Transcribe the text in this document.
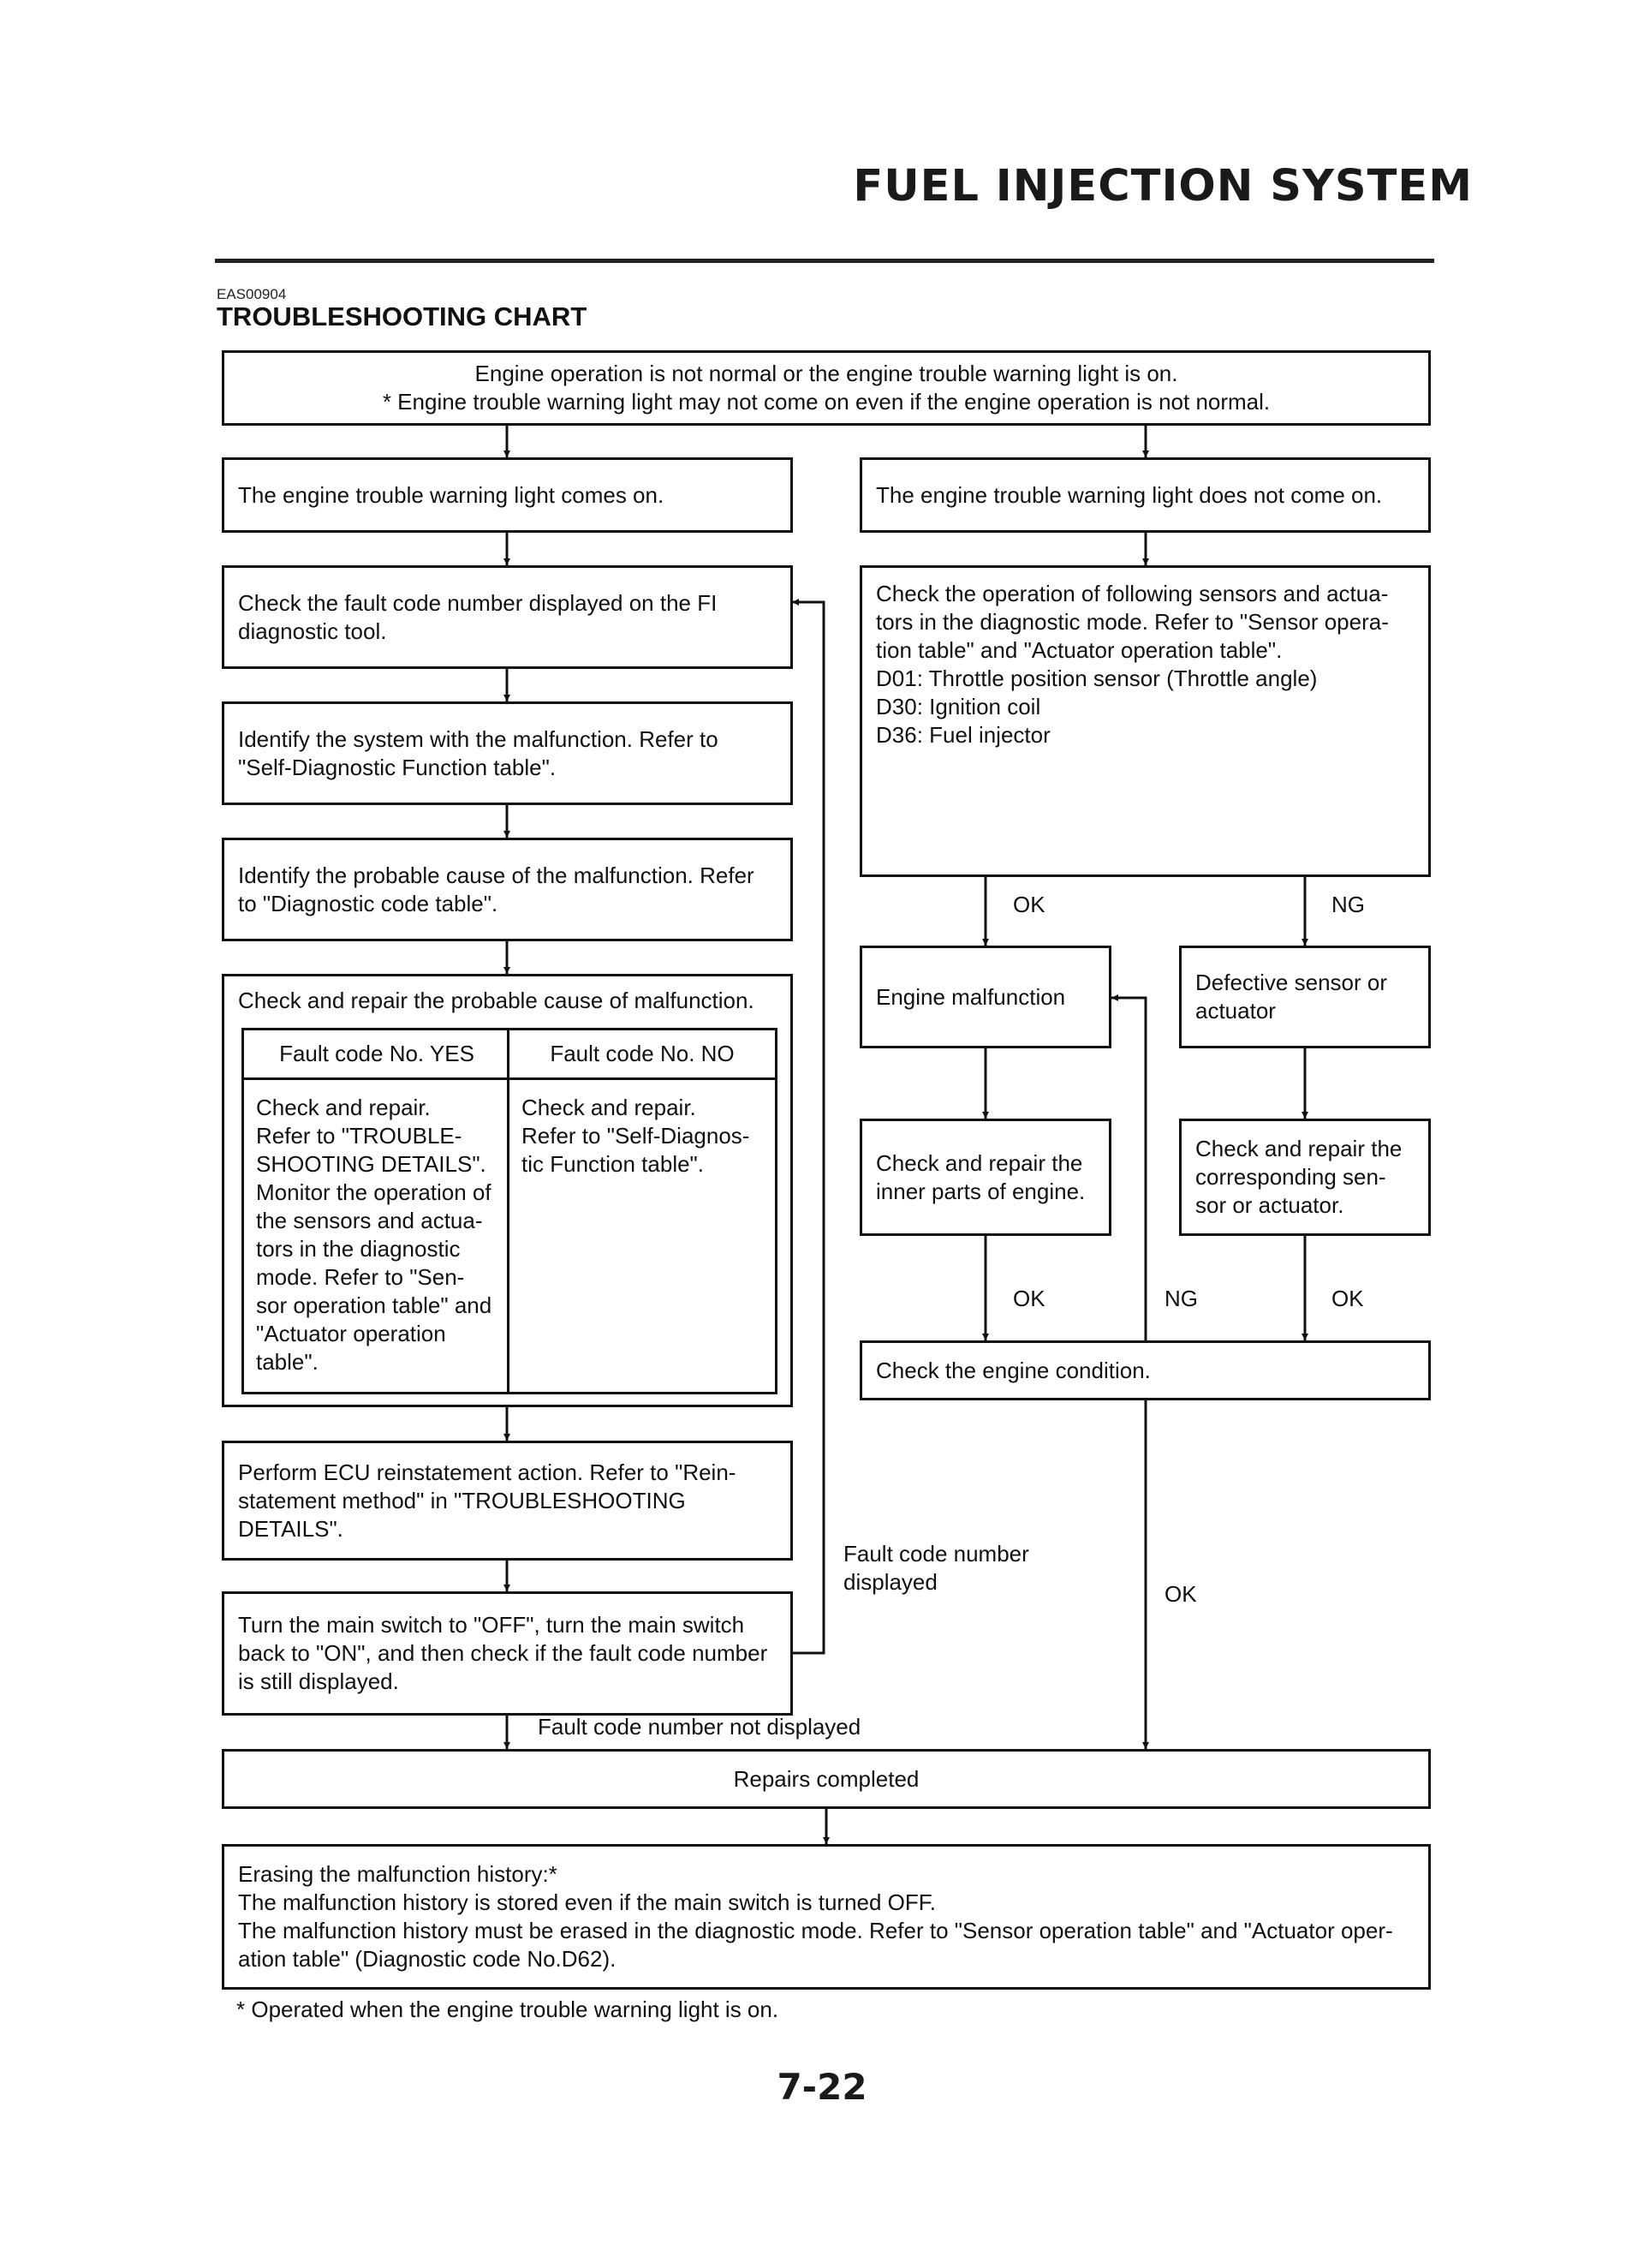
FUEL INJECTION SYSTEM
EAS00904
TROUBLESHOOTING CHART
Engine operation is not normal or the engine trouble warning light is on.
* Engine trouble warning light may not come on even if the engine operation is not normal.
The engine trouble warning light comes on.
Check the fault code number displayed on the FI
diagnostic tool.
Identify the system with the malfunction. Refer to
"Self-Diagnostic Function table".
Identify the probable cause of the malfunction. Refer
to "Diagnostic code table".
Check and repair the probable cause of malfunction.
Fault code No. YES	Fault code No. NO
Check and repair.
Refer to "TROUBLE-
SHOOTING DETAILS".
Monitor the operation of
the sensors and actua-
tors in the diagnostic
mode. Refer to "Sen-
sor operation table" and
"Actuator operation
table".
Check and repair.
Refer to "Self-Diagnos-
tic Function table".
Perform ECU reinstatement action. Refer to "Rein-
statement method" in "TROUBLESHOOTING
DETAILS".
Turn the main switch to "OFF", turn the main switch
back to "ON", and then check if the fault code number
is still displayed.
The engine trouble warning light does not come on.
Check the operation of following sensors and actua-
tors in the diagnostic mode. Refer to "Sensor opera-
tion table" and "Actuator operation table".
D01: Throttle position sensor (Throttle angle)
D30: Ignition coil
D36: Fuel injector
Engine malfunction
Defective sensor or
actuator
Check and repair the
inner parts of engine.
Check and repair the
corresponding sen-
sor or actuator.
Check the engine condition.
Repairs completed
Erasing the malfunction history:*
The malfunction history is stored even if the main switch is turned OFF.
The malfunction history must be erased in the diagnostic mode. Refer to "Sensor operation table" and "Actuator oper-
ation table" (Diagnostic code No.D62).
OK	NG
OK	NG	OK
OK
Fault code number
displayed
Fault code number not displayed
* Operated when the engine trouble warning light is on.
7-22
